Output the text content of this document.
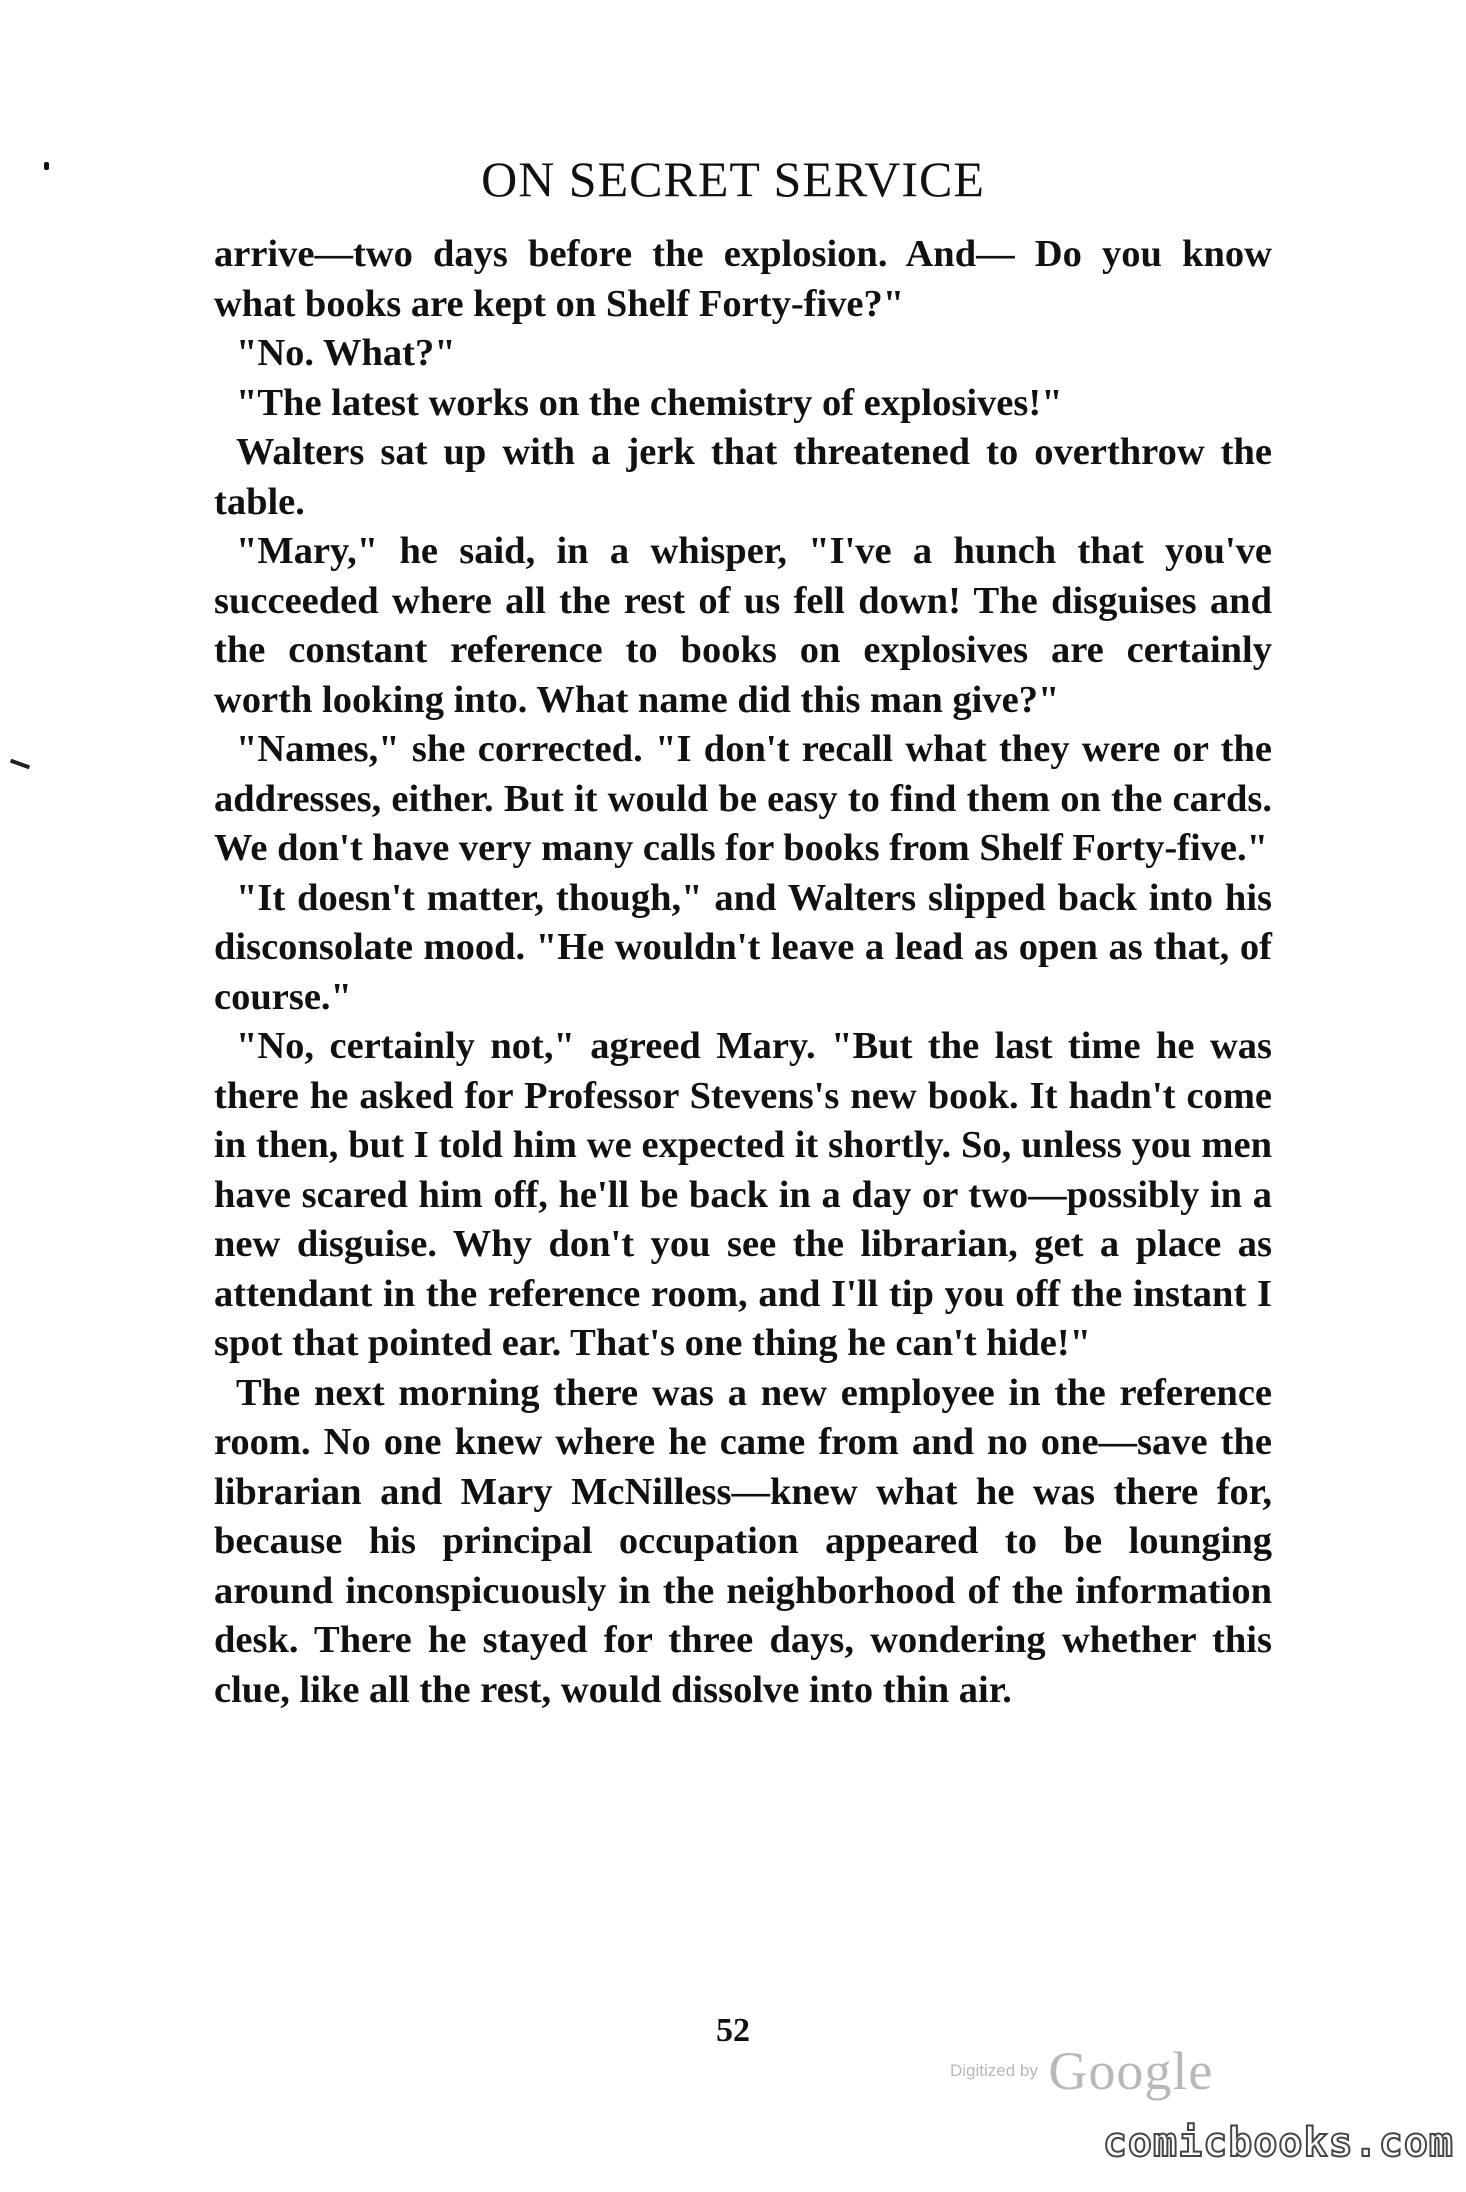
ON SECRET SERVICE

arrive—two days before the explosion. And— Do you know what books are kept on Shelf Forty-five?"

"No. What?"

"The latest works on the chemistry of explosives!"

Walters sat up with a jerk that threatened to overthrow the table.

"Mary," he said, in a whisper, "I've a hunch that you've succeeded where all the rest of us fell down! The disguises and the constant reference to books on explosives are certainly worth looking into. What name did this man give?"

"Names," she corrected. "I don't recall what they were or the addresses, either. But it would be easy to find them on the cards. We don't have very many calls for books from Shelf Forty-five."

"It doesn't matter, though," and Walters slipped back into his disconsolate mood. "He wouldn't leave a lead as open as that, of course."

"No, certainly not," agreed Mary. "But the last time he was there he asked for Professor Stevens's new book. It hadn't come in then, but I told him we expected it shortly. So, unless you men have scared him off, he'll be back in a day or two—possibly in a new disguise. Why don't you see the librarian, get a place as attendant in the reference room, and I'll tip you off the instant I spot that pointed ear. That's one thing he can't hide!"

The next morning there was a new employee in the reference room. No one knew where he came from and no one—save the librarian and Mary McNilless—knew what he was there for, because his principal occupation appeared to be lounging around inconspicuously in the neighborhood of the information desk. There he stayed for three days, wondering whether this clue, like all the rest, would dissolve into thin air.

52
Digitized by Google
comicbooks.com
